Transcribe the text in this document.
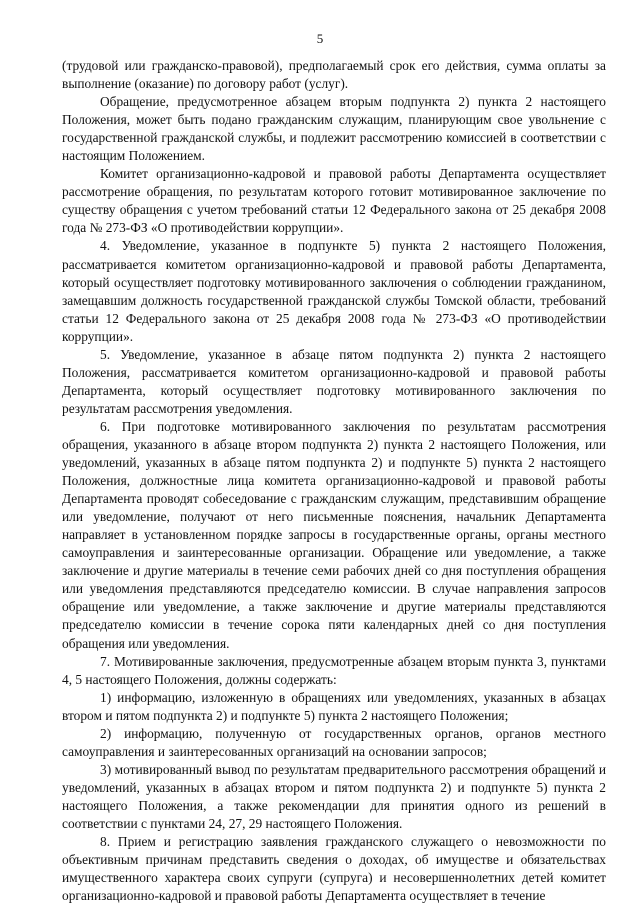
5

(трудовой или гражданско-правовой), предполагаемый срок его действия, сумма оплаты за выполнение (оказание) по договору работ (услуг).

Обращение, предусмотренное абзацем вторым подпункта 2) пункта 2 настоящего Положения, может быть подано гражданским служащим, планирующим свое увольнение с государственной гражданской службы, и подлежит рассмотрению комиссией в соответствии с настоящим Положением.

Комитет организационно-кадровой и правовой работы Департамента осуществляет рассмотрение обращения, по результатам которого готовит мотивированное заключение по существу обращения с учетом требований статьи 12 Федерального закона от 25 декабря 2008 года № 273-ФЗ «О противодействии коррупции».

4. Уведомление, указанное в подпункте 5) пункта 2 настоящего Положения, рассматривается комитетом организационно-кадровой и правовой работы Департамента, который осуществляет подготовку мотивированного заключения о соблюдении гражданином, замещавшим должность государственной гражданской службы Томской области, требований статьи 12 Федерального закона от 25 декабря 2008 года № 273-ФЗ «О противодействии коррупции».

5. Уведомление, указанное в абзаце пятом подпункта 2) пункта 2 настоящего Положения, рассматривается комитетом организационно-кадровой и правовой работы Департамента, который осуществляет подготовку мотивированного заключения по результатам рассмотрения уведомления.

6. При подготовке мотивированного заключения по результатам рассмотрения обращения, указанного в абзаце втором подпункта 2) пункта 2 настоящего Положения, или уведомлений, указанных в абзаце пятом подпункта 2) и подпункте 5) пункта 2 настоящего Положения, должностные лица комитета организационно-кадровой и правовой работы Департамента проводят собеседование с гражданским служащим, представившим обращение или уведомление, получают от него письменные пояснения, начальник Департамента направляет в установленном порядке запросы в государственные органы, органы местного самоуправления и заинтересованные организации. Обращение или уведомление, а также заключение и другие материалы в течение семи рабочих дней со дня поступления обращения или уведомления представляются председателю комиссии. В случае направления запросов обращение или уведомление, а также заключение и другие материалы представляются председателю комиссии в течение сорока пяти календарных дней со дня поступления обращения или уведомления.

7. Мотивированные заключения, предусмотренные абзацем вторым пункта 3, пунктами 4, 5 настоящего Положения, должны содержать:

1) информацию, изложенную в обращениях или уведомлениях, указанных в абзацах втором и пятом подпункта 2) и подпункте 5) пункта 2 настоящего Положения;

2) информацию, полученную от государственных органов, органов местного самоуправления и заинтересованных организаций на основании запросов;

3) мотивированный вывод по результатам предварительного рассмотрения обращений и уведомлений, указанных в абзацах втором и пятом подпункта 2) и подпункте 5) пункта 2 настоящего Положения, а также рекомендации для принятия одного из решений в соответствии с пунктами 24, 27, 29 настоящего Положения.

8. Прием и регистрацию заявления гражданского служащего о невозможности по объективным причинам представить сведения о доходах, об имуществе и обязательствах имущественного характера своих супруги (супруга) и несовершеннолетних детей комитет организационно-кадровой и правовой работы Департамента осуществляет в течение
